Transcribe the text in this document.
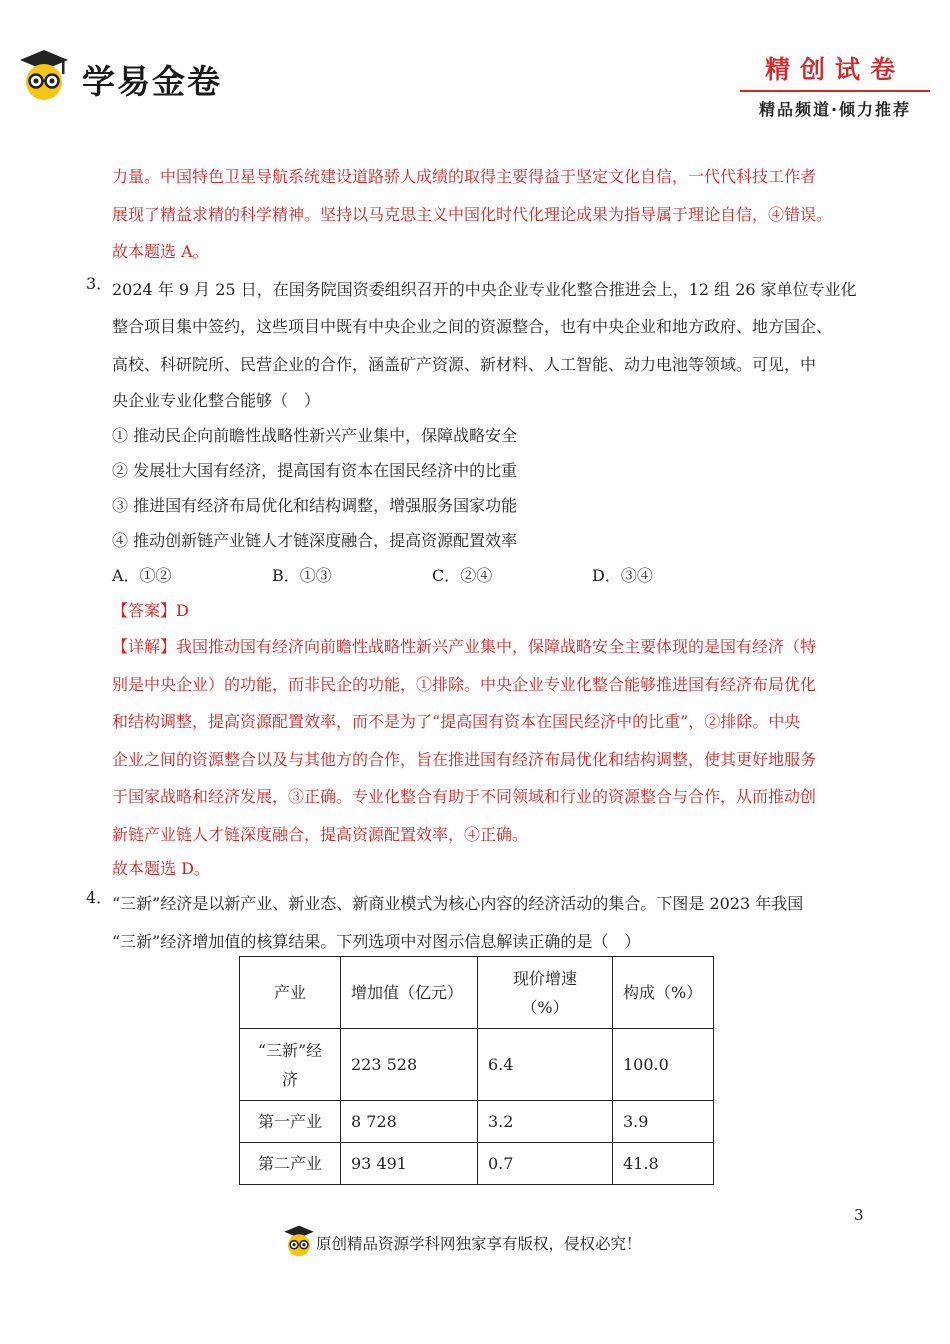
学易金卷	精创试卷
精品频道·倾力推荐

力量。中国特色卫星导航系统建设道路骄人成绩的取得主要得益于坚定文化自信，一代代科技工作者

展现了精益求精的科学精神。坚持以马克思主义中国化时代化理论成果为指导属于理论自信，④错误。

故本题选 A。

3． 2024 年 9 月 25 日，在国务院国资委组织召开的中央企业专业化整合推进会上，12 组 26 家单位专业化

整合项目集中签约，这些项目中既有中央企业之间的资源整合，也有中央企业和地方政府、地方国企、

高校、科研院所、民营企业的合作，涵盖矿产资源、新材料、人工智能、动力电池等领域。可见，中

央企业专业化整合能够（　）

① 推动民企向前瞻性战略性新兴产业集中，保障战略安全

② 发展壮大国有经济，提高国有资本在国民经济中的比重

③ 推进国有经济布局优化和结构调整，增强服务国家功能

④ 推动创新链产业链人才链深度融合，提高资源配置效率

A．①②	B．①③	C．②④	D．③④
【答案】D

【详解】我国推动国有经济向前瞻性战略性新兴产业集中，保障战略安全主要体现的是国有经济（特

别是中央企业）的功能，而非民企的功能，①排除。中央企业专业化整合能够推进国有经济布局优化

和结构调整，提高资源配置效率，而不是为了“提高国有资本在国民经济中的比重”，②排除。中央

企业之间的资源整合以及与其他方的合作，旨在推进国有经济布局优化和结构调整，使其更好地服务

于国家战略和经济发展，③正确。专业化整合有助于不同领域和行业的资源整合与合作，从而推动创

新链产业链人才链深度融合，提高资源配置效率，④正确。

故本题选 D。

4． “三新”经济是以新产业、新业态、新商业模式为核心内容的经济活动的集合。下图是 2023 年我国

“三新”经济增加值的核算结果。下列选项中对图示信息解读正确的是（　）

产业	增加值（亿元）	现价增速（%）	构成（%）
“三新”经济	223 528	6.4	100.0
第一产业	8 728	3.2	3.9
第二产业	93 491	0.7	41.8
3
原创精品资源学科网独家享有版权，侵权必究！
